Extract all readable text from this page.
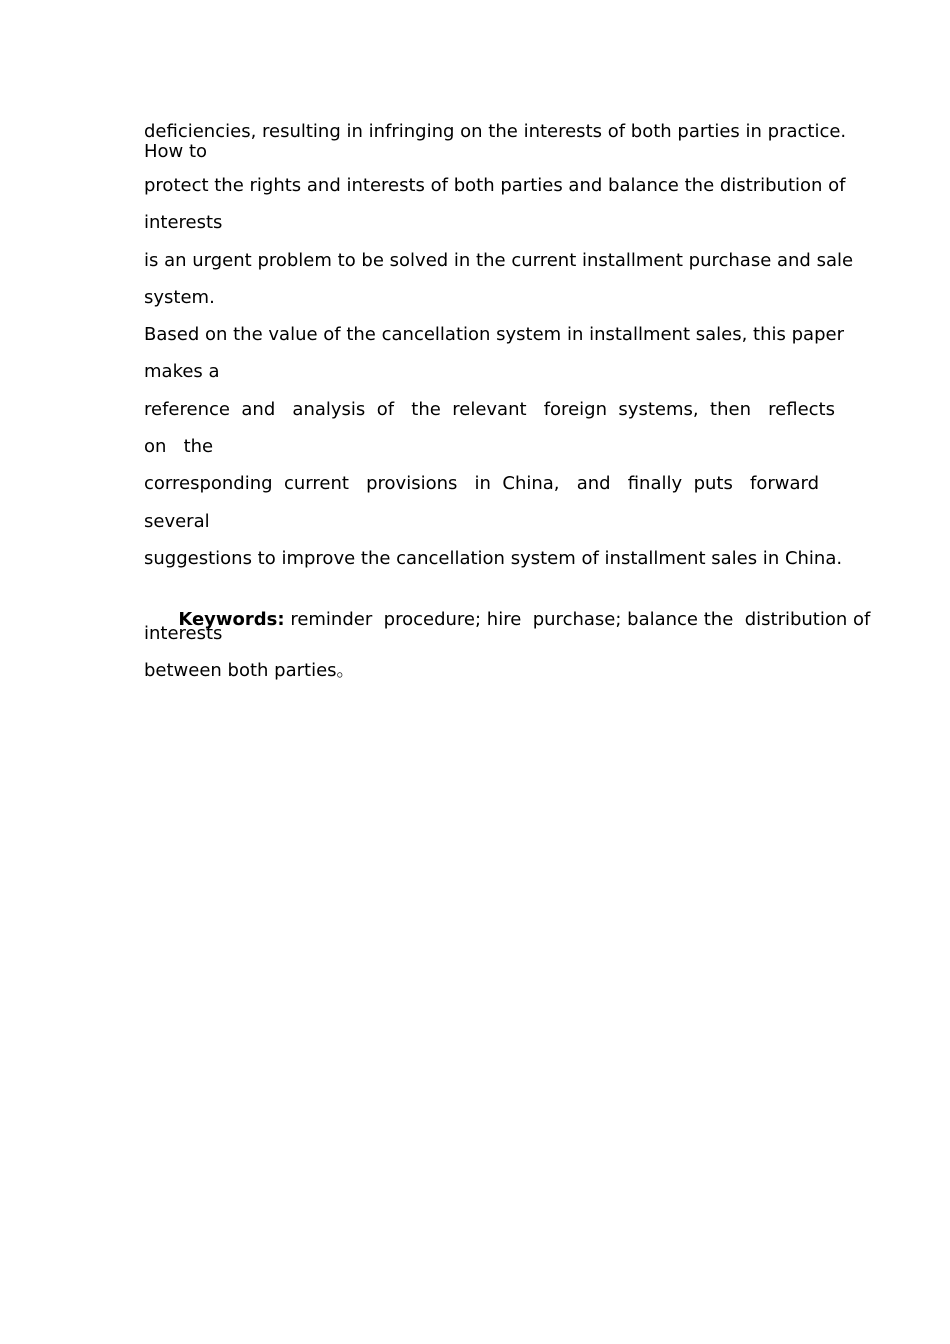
deficiencies, resulting in infringing on the interests of both parties in practice.
How to
protect the rights and interests of both parties and balance the distribution of
interests
is an urgent problem to be solved in the current installment purchase and sale
system.
Based on the value of the cancellation system in installment sales, this paper
makes a
reference  and   analysis  of   the  relevant   foreign  systems,  then   reflects
on   the
corresponding  current   provisions   in  China,   and   finally  puts   forward
several
suggestions to improve the cancellation system of installment sales in China.

Keywords: reminder  procedure; hire  purchase; balance the  distribution of

interests
between both parties。
